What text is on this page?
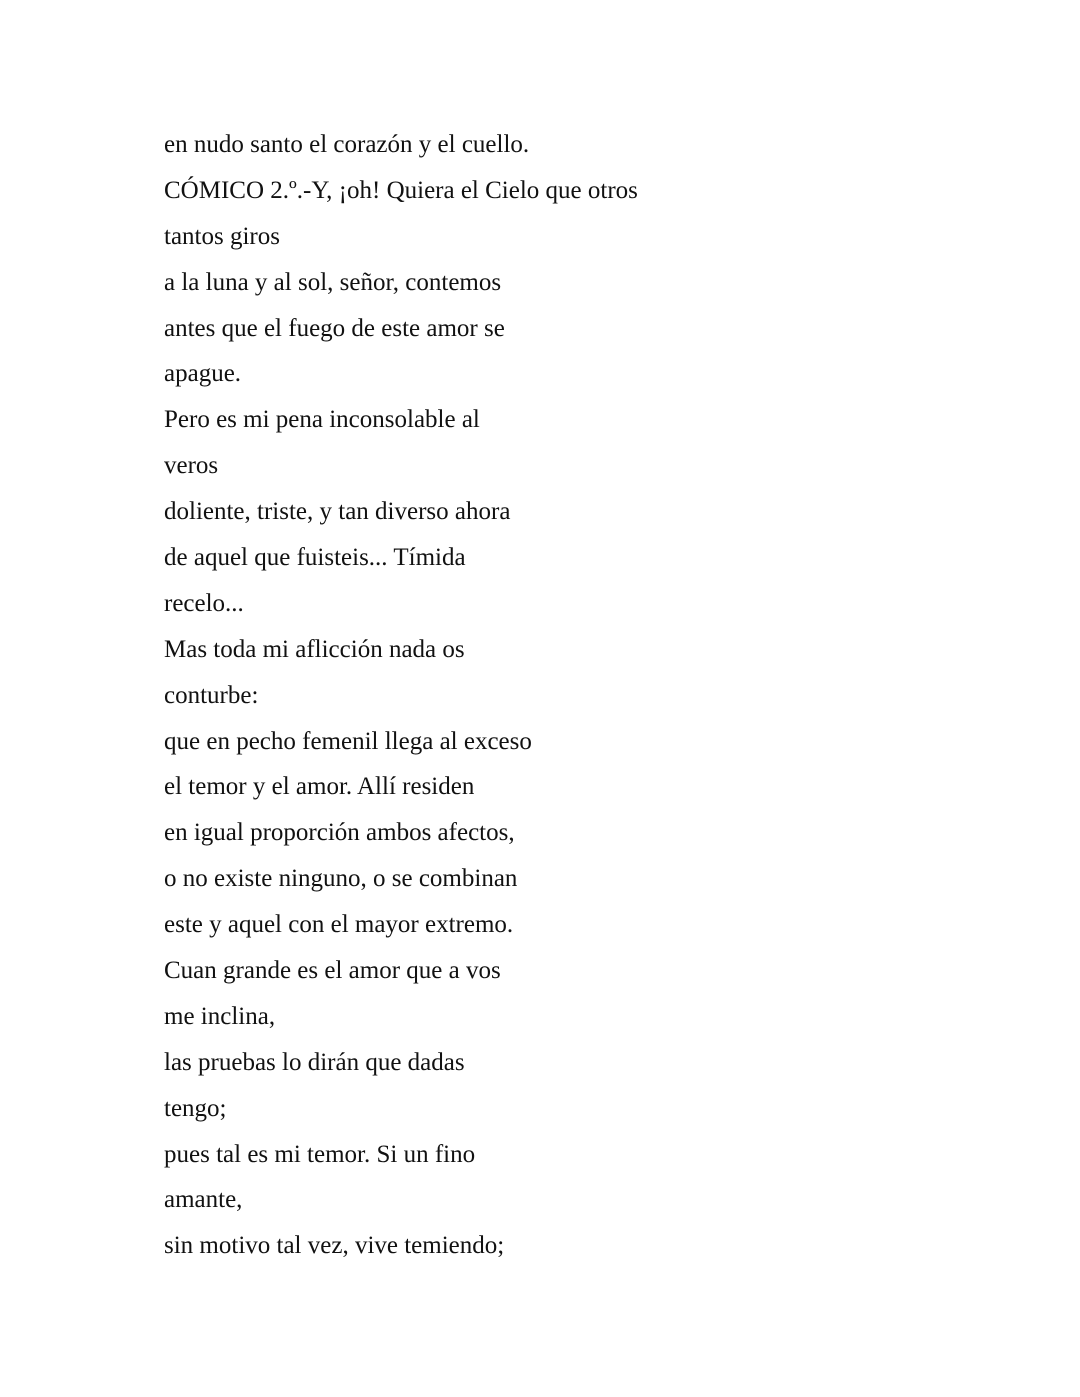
en nudo santo el corazón y el cuello.
CÓMICO 2.º.-Y, ¡oh! Quiera el Cielo que otros
tantos giros
a la luna y al sol, señor, contemos
antes que el fuego de este amor se
apague.
Pero es mi pena inconsolable al
veros
doliente, triste, y tan diverso ahora
de aquel que fuisteis... Tímida
recelo...
Mas toda mi aflicción nada os
conturbe:
que en pecho femenil llega al exceso
el temor y el amor. Allí residen
en igual proporción ambos afectos,
o no existe ninguno, o se combinan
este y aquel con el mayor extremo.
Cuan grande es el amor que a vos
me inclina,
las pruebas lo dirán que dadas
tengo;
pues tal es mi temor. Si un fino
amante,
sin motivo tal vez, vive temiendo;
